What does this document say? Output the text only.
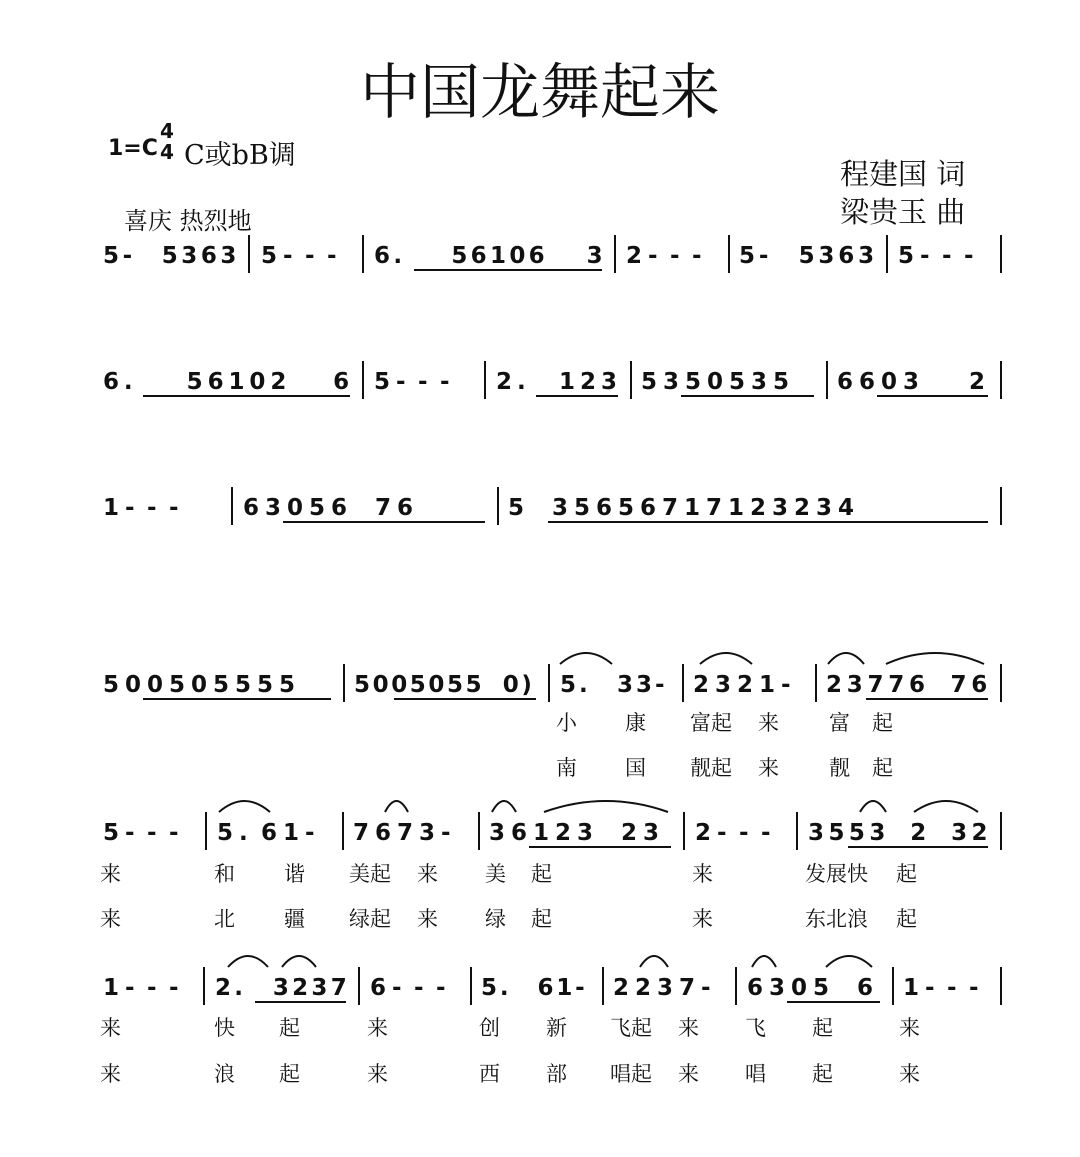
中国龙舞起来
1=C
4
4 C或bB调
程建国 词
梁贵玉 曲
喜庆 热烈地
5 - 5 3 6 3 5 - - - 6 . 5 6 1 0 6 3 2 - - - 5 - 5 3 6 3 5 - - -
6 . 5 6 1 0 2 6 5 - - - 2 . 1 2 3 5 3 5 0 5 3 5 6 6 0 3 2
1 - - -	6 3 0 5 6 7 6	5 3 5 6 5 6 7 1 7 1 2 3 2 3 4
5 0 0 5 0 5 5 5 5	5 0 0 5 0 5 5 0 ) 5 . 3 3 - 2 3 2 1 - 2 3 7 7 6 7 6
5 - - - 5 . 6 1 - 7 6 7 3 - 3 6 1 2 3 2 3 2 - - - 3 5 5 3 2 3 2
1 - - - 2 . 3 2 3 7 6 - - - 5 . 6 1 - 2 2 3 7 - 6 3 0 5 6 1 - - -
小 康 富起 来 富 起
南 国 靓起 来 靓 起
来	和 谐 美起 来 美 起	来	发展快 起
来	北 疆 绿起 来 绿 起	来	东北浪 起
来	快 起	来	创 新 飞起 来 飞 起	来
来	浪 起	来	西 部 唱起 来 唱 起	来
